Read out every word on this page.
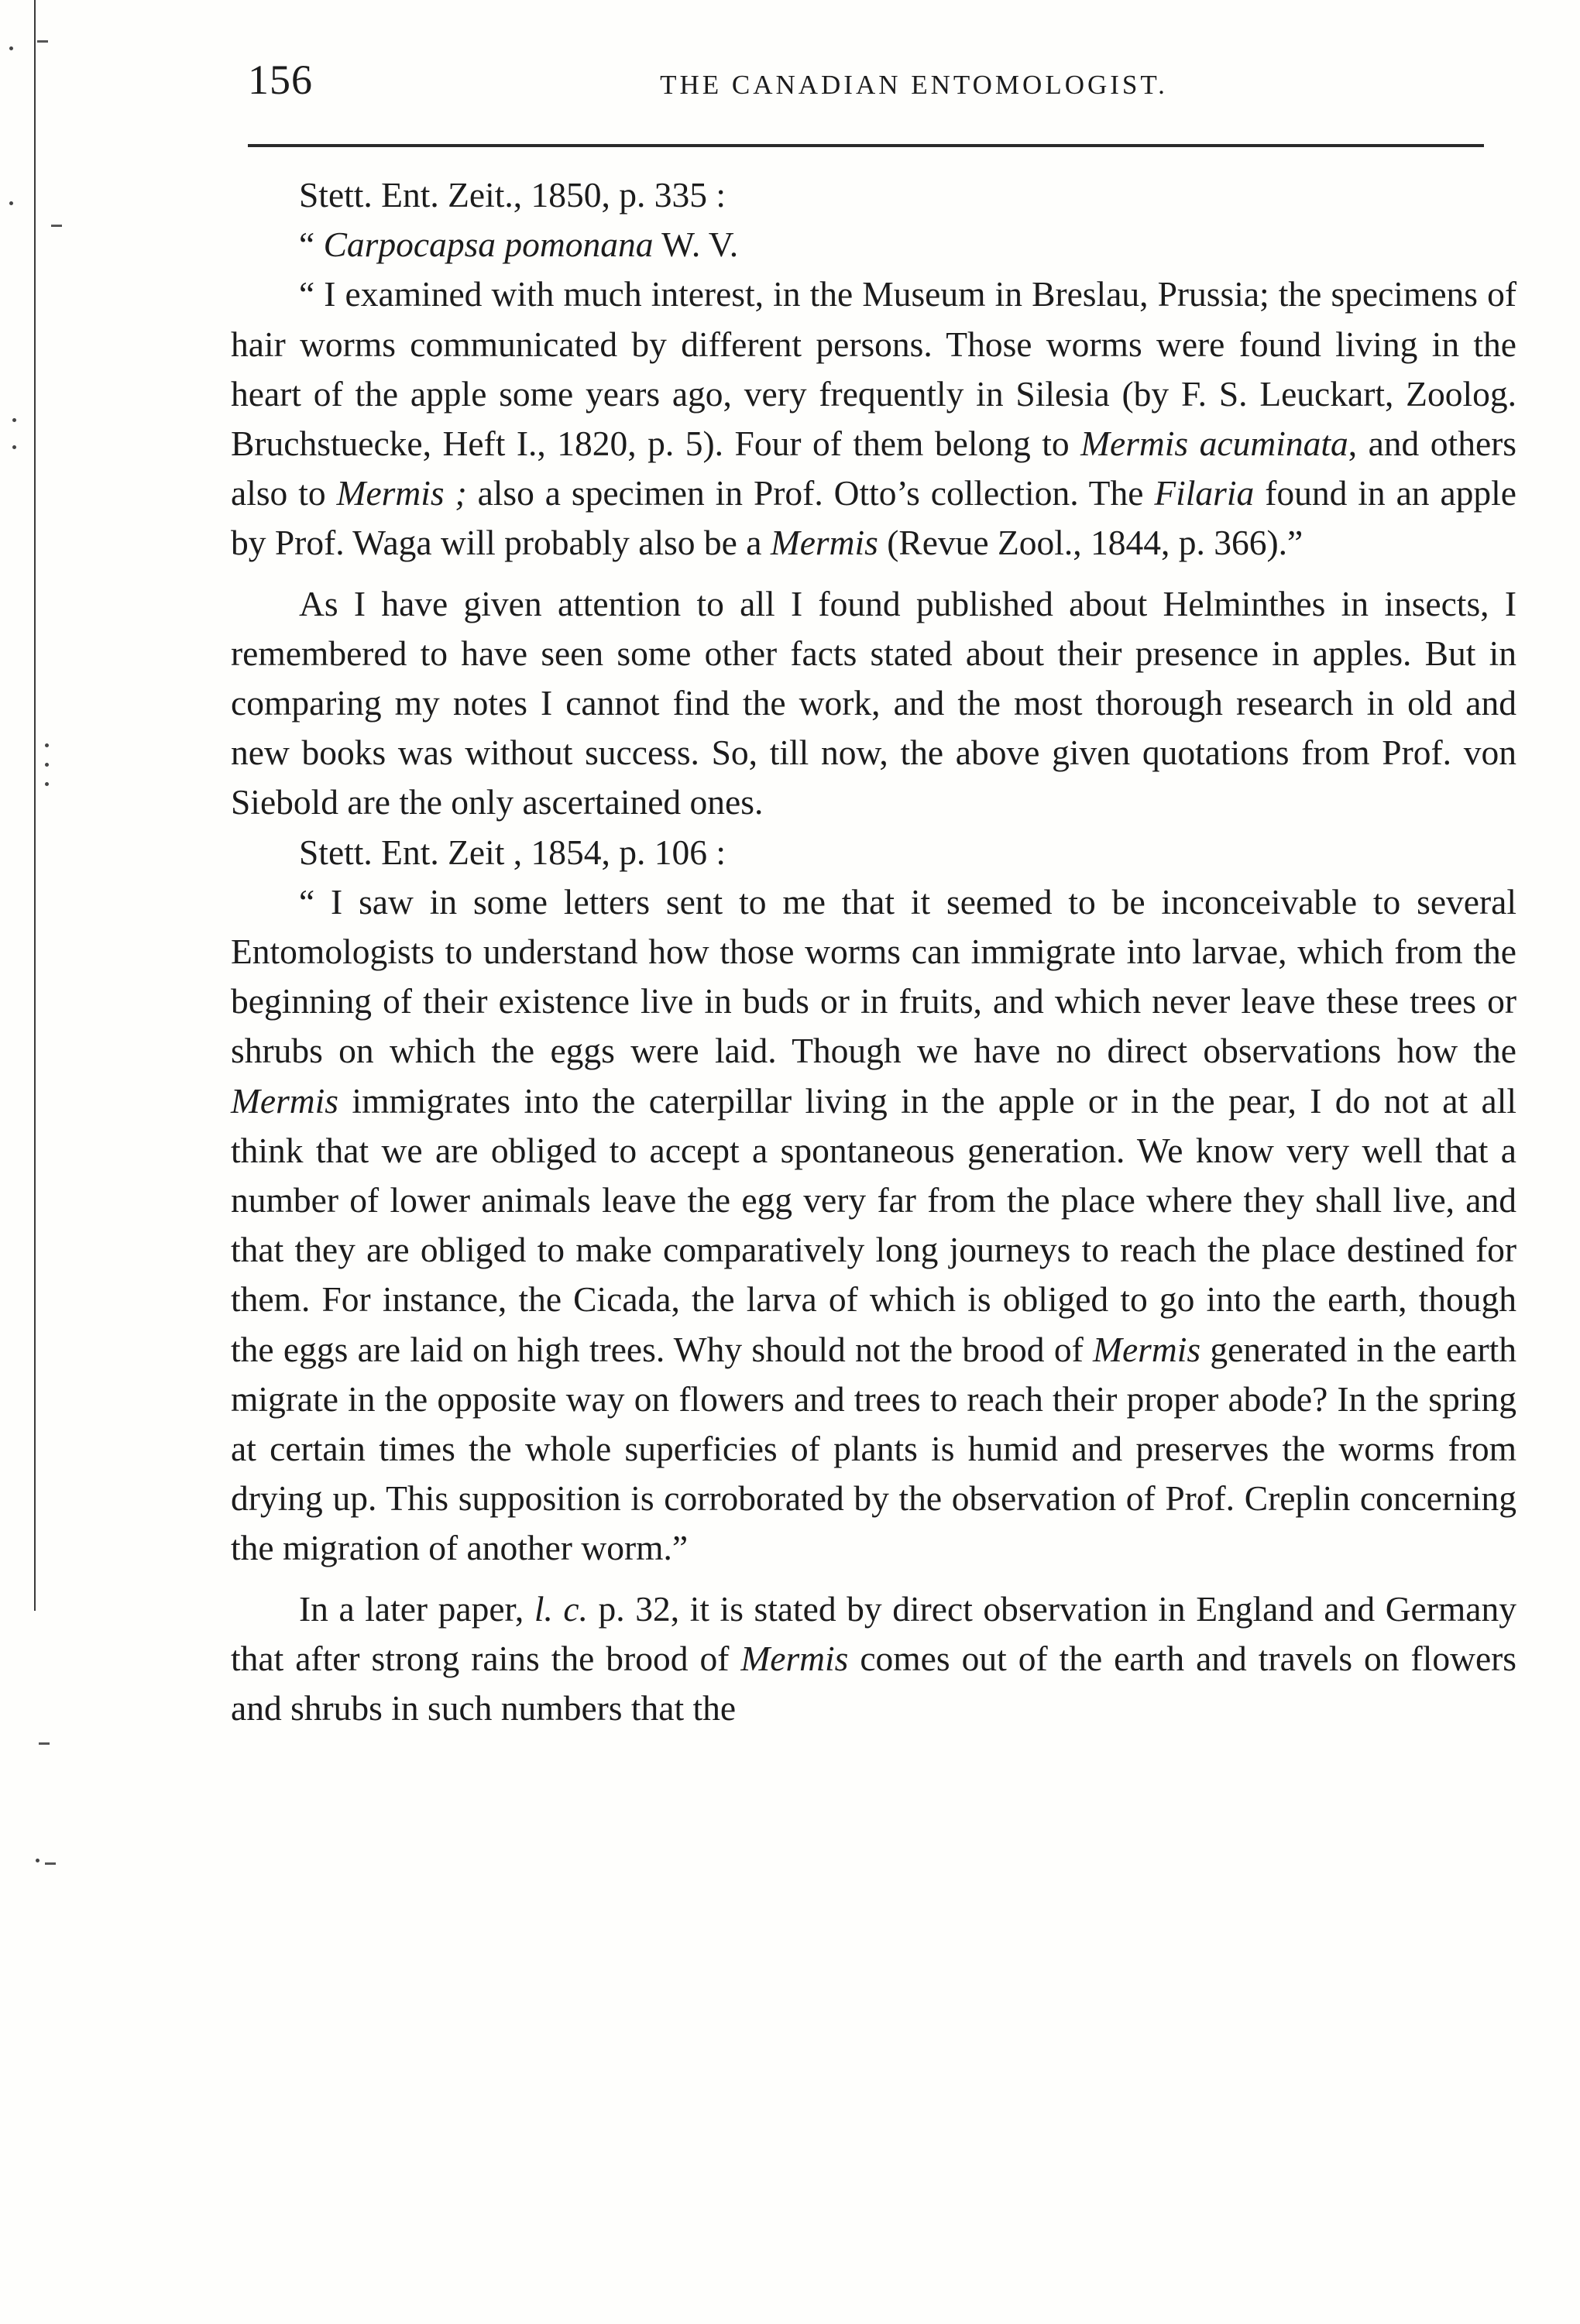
156	THE CANADIAN ENTOMOLOGIST.

Stett. Ent. Zeit., 1850, p. 335 :

“ Carpocapsa pomonana W. V.

“ I examined with much interest, in the Museum in Breslau, Prussia; the specimens of hair worms communicated by different persons. Those worms were found living in the heart of the apple some years ago, very frequently in Silesia (by F. S. Leuckart, Zoolog. Bruchstuecke, Heft I., 1820, p. 5). Four of them belong to Mermis acuminata, and others also to Mermis ; also a specimen in Prof. Otto’s collection. The Filaria found in an apple by Prof. Waga will probably also be a Mermis (Revue Zool., 1844, p. 366).”

As I have given attention to all I found published about Helminthes in insects, I remembered to have seen some other facts stated about their presence in apples. But in comparing my notes I cannot find the work, and the most thorough research in old and new books was without success. So, till now, the above given quotations from Prof. von Siebold are the only ascertained ones.

Stett. Ent. Zeit , 1854, p. 106 :

“ I saw in some letters sent to me that it seemed to be inconceivable to several Entomologists to understand how those worms can immigrate into larvae, which from the beginning of their existence live in buds or in fruits, and which never leave these trees or shrubs on which the eggs were laid. Though we have no direct observations how the Mermis immigrates into the caterpillar living in the apple or in the pear, I do not at all think that we are obliged to accept a spontaneous generation. We know very well that a number of lower animals leave the egg very far from the place where they shall live, and that they are obliged to make comparatively long journeys to reach the place destined for them. For instance, the Cicada, the larva of which is obliged to go into the earth, though the eggs are laid on high trees. Why should not the brood of Mermis generated in the earth migrate in the opposite way on flowers and trees to reach their proper abode? In the spring at certain times the whole superficies of plants is humid and preserves the worms from drying up. This supposition is corroborated by the observation of Prof. Creplin concerning the migration of another worm.”

In a later paper, l. c. p. 32, it is stated by direct observation in England and Germany that after strong rains the brood of Mermis comes out of the earth and travels on flowers and shrubs in such numbers that the
